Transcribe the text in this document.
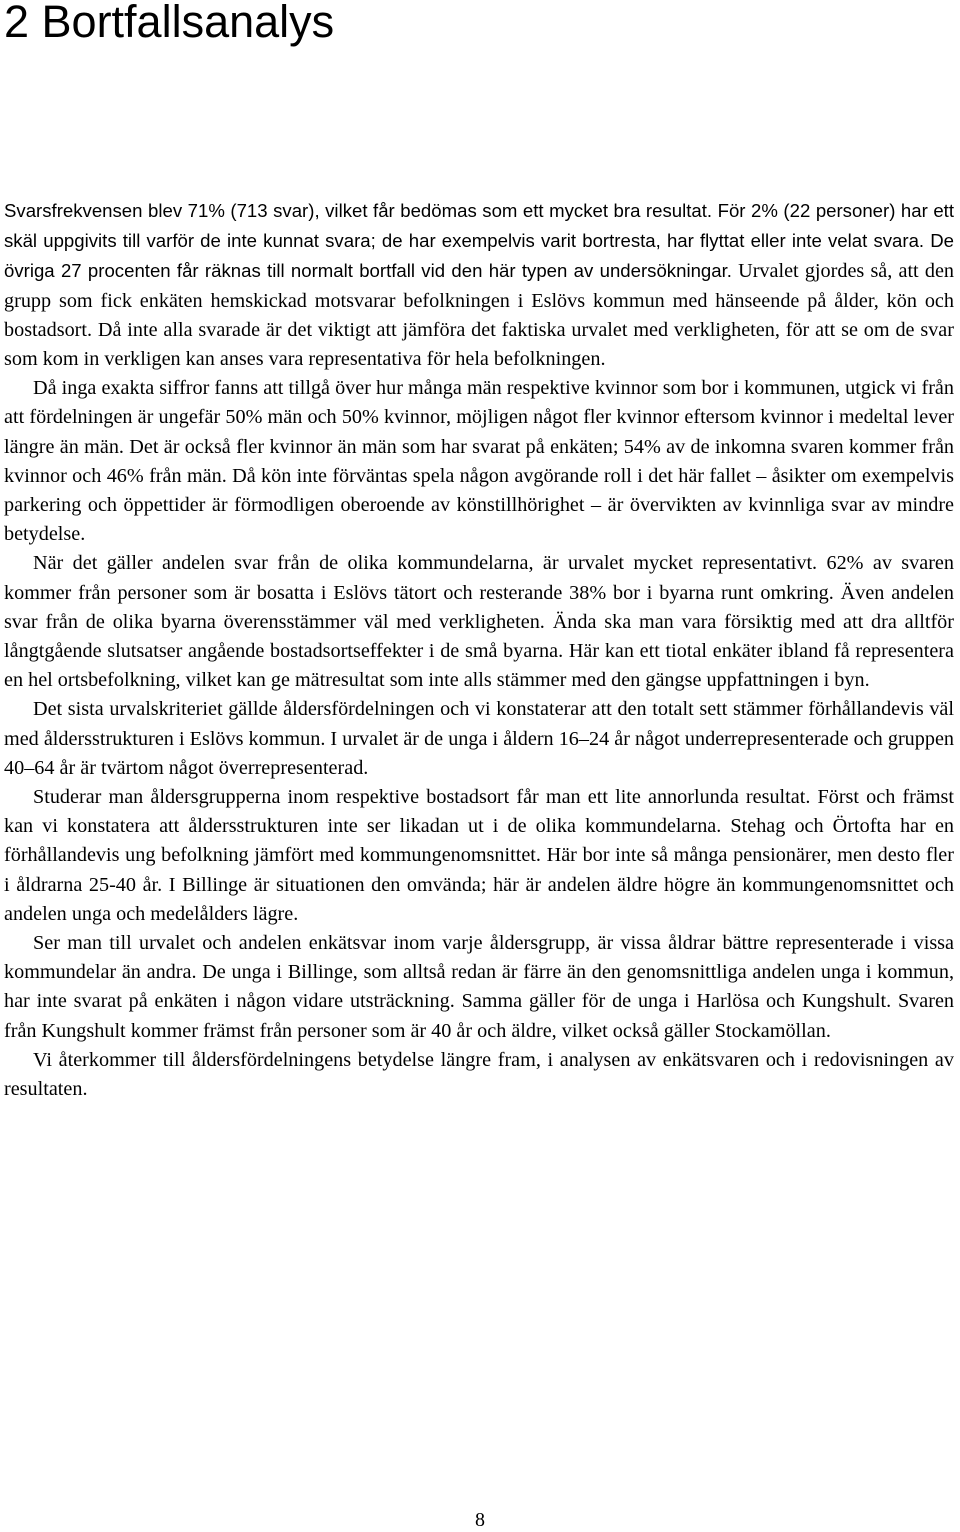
2 Bortfallsanalys

Svarsfrekvensen blev 71% (713 svar), vilket får bedömas som ett mycket bra resultat. För 2% (22 personer) har ett skäl uppgivits till varför de inte kunnat svara; de har exempelvis varit bortresta, har flyttat eller inte velat svara. De övriga 27 procenten får räknas till normalt bortfall vid den här typen av undersökningar. Urvalet gjordes så, att den grupp som fick enkäten hemskickad motsvarar befolkningen i Eslövs kommun med hänseende på ålder, kön och bostadsort. Då inte alla svarade är det viktigt att jämföra det faktiska urvalet med verkligheten, för att se om de svar som kom in verkligen kan anses vara representativa för hela befolkningen.

Då inga exakta siffror fanns att tillgå över hur många män respektive kvinnor som bor i kommunen, utgick vi från att fördelningen är ungefär 50% män och 50% kvinnor, möjligen något fler kvinnor eftersom kvinnor i medeltal lever längre än män. Det är också fler kvinnor än män som har svarat på enkäten; 54% av de inkomna svaren kommer från kvinnor och 46% från män. Då kön inte förväntas spela någon avgörande roll i det här fallet – åsikter om exempelvis parkering och öppettider är förmodligen oberoende av könstillhörighet – är övervikten av kvinnliga svar av mindre betydelse.

När det gäller andelen svar från de olika kommundelarna, är urvalet mycket representativt. 62% av svaren kommer från personer som är bosatta i Eslövs tätort och resterande 38% bor i byarna runt omkring. Även andelen svar från de olika byarna överensstämmer väl med verkligheten. Ända ska man vara försiktig med att dra alltför långtgående slutsatser angående bostadsortseffekter i de små byarna. Här kan ett tiotal enkäter ibland få representera en hel ortsbefolkning, vilket kan ge mätresultat som inte alls stämmer med den gängse uppfattningen i byn.

Det sista urvalskriteriet gällde åldersfördelningen och vi konstaterar att den totalt sett stämmer förhållandevis väl med åldersstrukturen i Eslövs kommun. I urvalet är de unga i åldern 16–24 år något underrepresenterade och gruppen 40–64 år är tvärtom något överrepresenterad.

Studerar man åldersgrupperna inom respektive bostadsort får man ett lite annorlunda resultat. Först och främst kan vi konstatera att åldersstrukturen inte ser likadan ut i de olika kommundelarna. Stehag och Örtofta har en förhållandevis ung befolkning jämfört med kommungenomsnittet. Här bor inte så många pensionärer, men desto fler i åldrarna 25-40 år. I Billinge är situationen den omvända; här är andelen äldre högre än kommungenomsnittet och andelen unga och medelålders lägre.

Ser man till urvalet och andelen enkätsvar inom varje åldersgrupp, är vissa åldrar bättre representerade i vissa kommundelar än andra. De unga i Billinge, som alltså redan är färre än den genomsnittliga andelen unga i kommun, har inte svarat på enkäten i någon vidare utsträckning. Samma gäller för de unga i Harlösa och Kungshult. Svaren från Kungshult kommer främst från personer som är 40 år och äldre, vilket också gäller Stockamöllan.

Vi återkommer till åldersfördelningens betydelse längre fram, i analysen av enkätsvaren och i redovisningen av resultaten.

8
